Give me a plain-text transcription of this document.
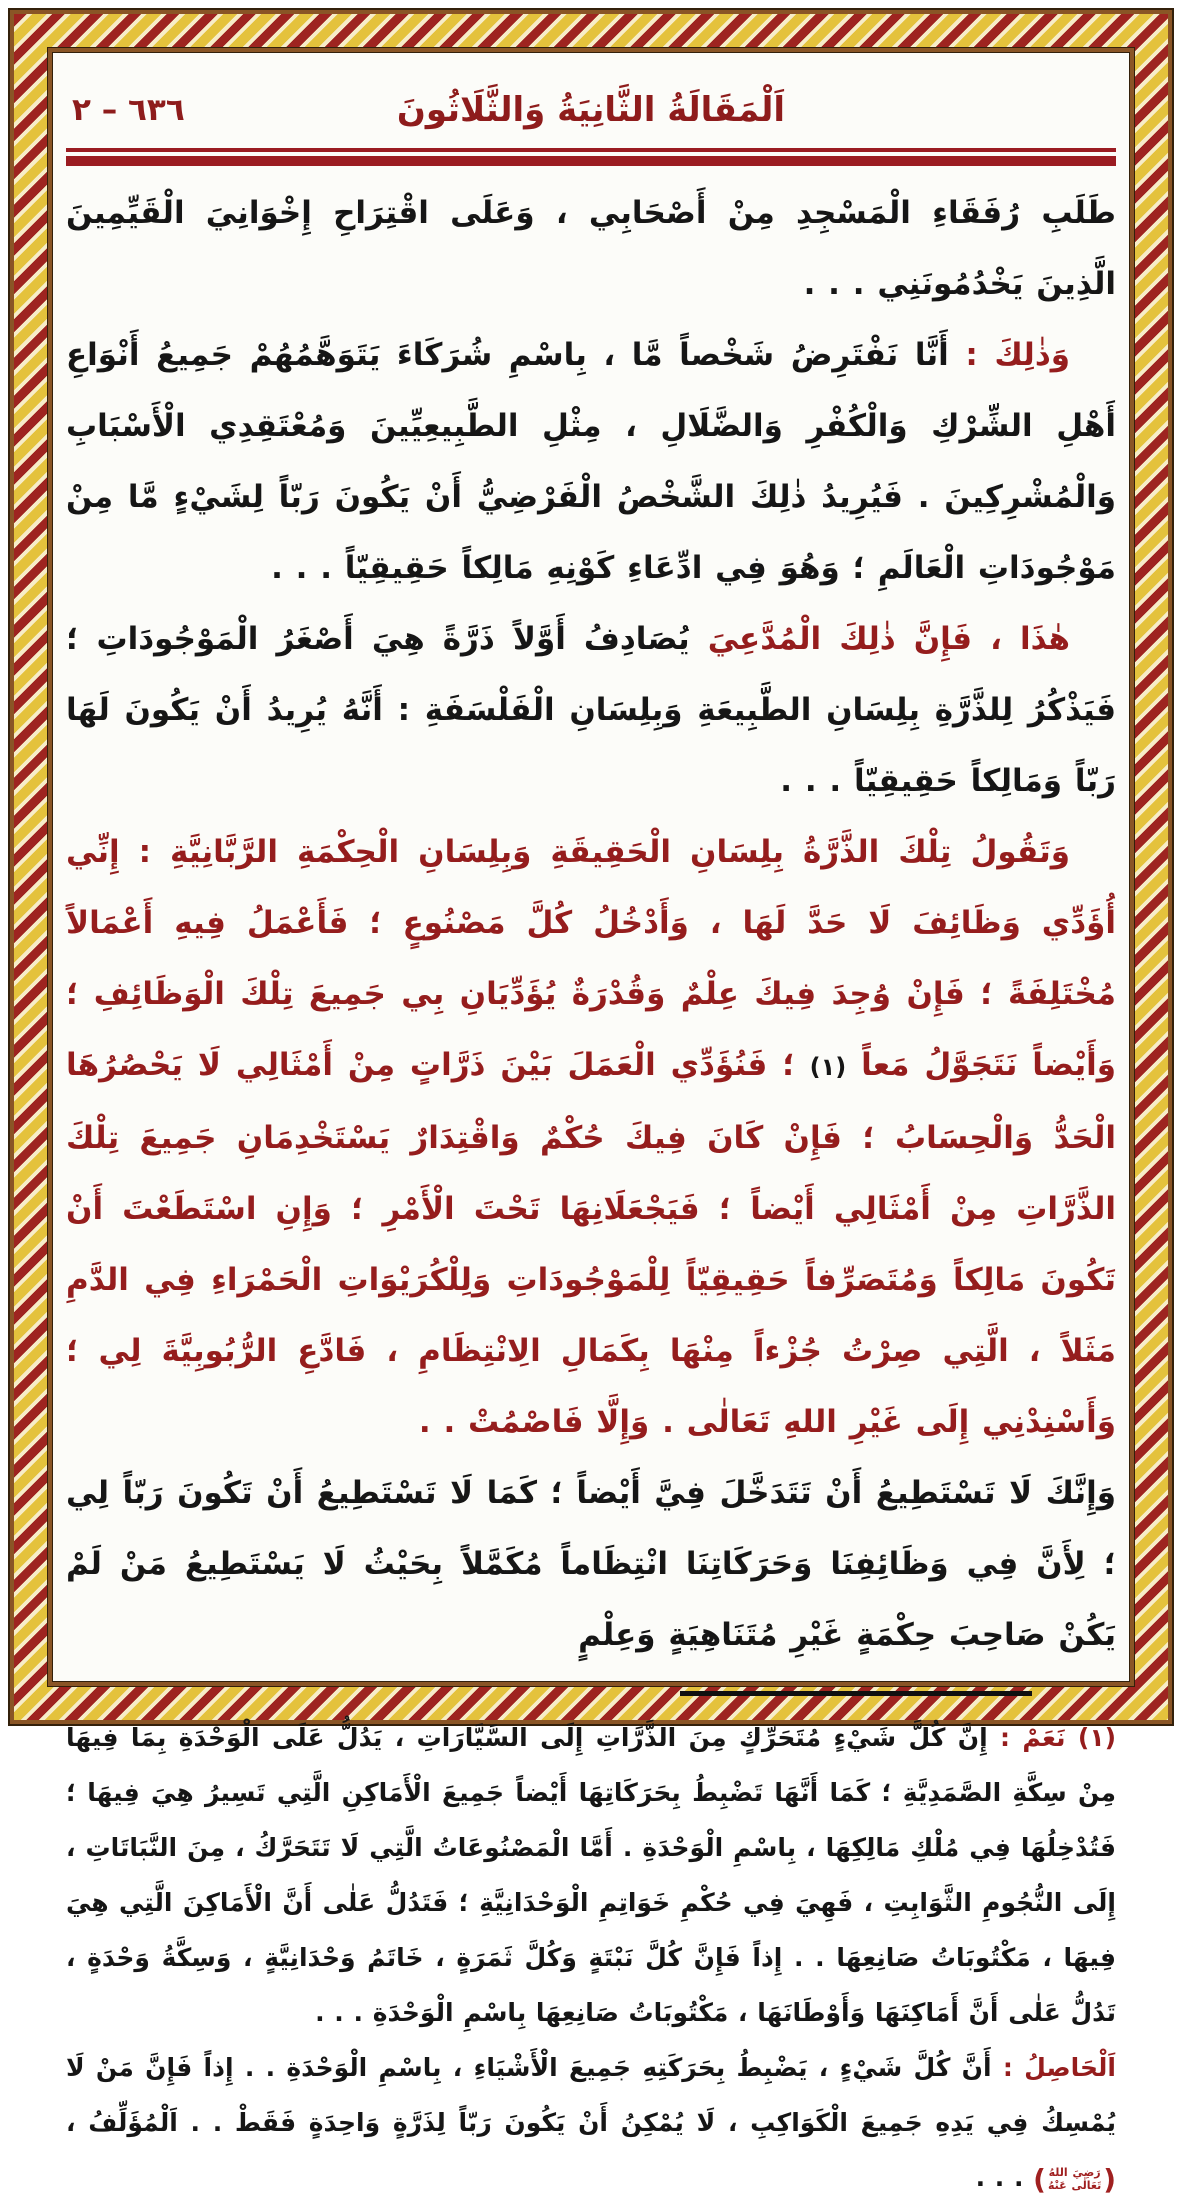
اَلْمَقَالَةُ الثَّانِيَةُ وَالثَّلَاثُونَ
٦٣٦ – ٢

طَلَبِ رُفَقَاءِ الْمَسْجِدِ مِنْ أَصْحَابِي ، وَعَلَى اقْتِرَاحِ إِخْوَانِيَ الْقَيِّمِينَ الَّذِينَ يَخْدُمُونَنِي . . .

وَذٰلِكَ : أَنَّا نَفْتَرِضُ شَخْصاً مَّا ، بِاسْمِ شُرَكَاءَ يَتَوَهَّمُهُمْ جَمِيعُ أَنْوَاعِ أَهْلِ الشِّرْكِ وَالْكُفْرِ وَالضَّلَالِ ، مِثْلِ الطَّبِيعِيِّينَ وَمُعْتَقِدِي الْأَسْبَابِ وَالْمُشْرِكِينَ . فَيُرِيدُ ذٰلِكَ الشَّخْصُ الْفَرْضِيُّ أَنْ يَكُونَ رَبّاً لِشَيْءٍ مَّا مِنْ مَوْجُودَاتِ الْعَالَمِ ؛ وَهُوَ فِي ادِّعَاءِ كَوْنِهِ مَالِكاً حَقِيقِيّاً . . .

هٰذَا ، فَإِنَّ ذٰلِكَ الْمُدَّعِيَ يُصَادِفُ أَوَّلاً ذَرَّةً هِيَ أَصْغَرُ الْمَوْجُودَاتِ ؛ فَيَذْكُرُ لِلذَّرَّةِ بِلِسَانِ الطَّبِيعَةِ وَبِلِسَانِ الْفَلْسَفَةِ : أَنَّهُ يُرِيدُ أَنْ يَكُونَ لَهَا رَبّاً وَمَالِكاً حَقِيقِيّاً . . .

وَتَقُولُ تِلْكَ الذَّرَّةُ بِلِسَانِ الْحَقِيقَةِ وَبِلِسَانِ الْحِكْمَةِ الرَّبَّانِيَّةِ : إِنِّي أُؤَدِّي وَظَائِفَ لَا حَدَّ لَهَا ، وَأَدْخُلُ كُلَّ مَصْنُوعٍ ؛ فَأَعْمَلُ فِيهِ أَعْمَالاً مُخْتَلِفَةً ؛ فَإِنْ وُجِدَ فِيكَ عِلْمٌ وَقُدْرَةٌ يُؤَدِّيَانِ بِي جَمِيعَ تِلْكَ الْوَظَائِفِ ؛ وَأَيْضاً نَتَجَوَّلُ مَعاً (١) ؛ فَنُؤَدِّي الْعَمَلَ بَيْنَ ذَرَّاتٍ مِنْ أَمْثَالِي لَا يَحْصُرُهَا الْحَدُّ وَالْحِسَابُ ؛ فَإِنْ كَانَ فِيكَ حُكْمٌ وَاقْتِدَارٌ يَسْتَخْدِمَانِ جَمِيعَ تِلْكَ الذَّرَّاتِ مِنْ أَمْثَالِي أَيْضاً ؛ فَيَجْعَلَانِهَا تَحْتَ الْأَمْرِ ؛ وَإِنِ اسْتَطَعْتَ أَنْ تَكُونَ مَالِكاً وَمُتَصَرِّفاً حَقِيقِيّاً لِلْمَوْجُودَاتِ وَلِلْكُرَيْوَاتِ الْحَمْرَاءِ فِي الدَّمِ مَثَلاً ، الَّتِي صِرْتُ جُزْءاً مِنْهَا بِكَمَالِ الِانْتِظَامِ ، فَادَّعِ الرُّبُوبِيَّةَ لِي ؛ وَأَسْنِدْنِي إِلَى غَيْرِ اللهِ تَعَالٰى . وَإِلَّا فَاصْمُتْ . .

وَإِنَّكَ لَا تَسْتَطِيعُ أَنْ تَتَدَخَّلَ فِيَّ أَيْضاً ؛ كَمَا لَا تَسْتَطِيعُ أَنْ تَكُونَ رَبّاً لِي ؛ لِأَنَّ فِي وَظَائِفِنَا وَحَرَكَاتِنَا انْتِظَاماً مُكَمَّلاً بِحَيْثُ لَا يَسْتَطِيعُ مَنْ لَمْ يَكُنْ صَاحِبَ حِكْمَةٍ غَيْرِ مُتَنَاهِيَةٍ وَعِلْمٍ

(١) نَعَمْ : إِنَّ كُلَّ شَيْءٍ مُتَحَرِّكٍ مِنَ الذَّرَّاتِ إِلَى السَّيَّارَاتِ ، يَدُلُّ عَلَى الْوَحْدَةِ بِمَا فِيهَا مِنْ سِكَّةِ الصَّمَدِيَّةِ ؛ كَمَا أَنَّهَا تَضْبِطُ بِحَرَكَاتِهَا أَيْضاً جَمِيعَ الْأَمَاكِنِ الَّتِي تَسِيرُ هِيَ فِيهَا ؛ فَتُدْخِلُهَا فِي مُلْكِ مَالِكِهَا ، بِاسْمِ الْوَحْدَةِ . أَمَّا الْمَصْنُوعَاتُ الَّتِي لَا تَتَحَرَّكُ ، مِنَ النَّبَاتَاتِ ، إِلَى النُّجُومِ الثَّوَابِتِ ، فَهِيَ فِي حُكْمِ خَوَاتِمِ الْوَحْدَانِيَّةِ ؛ فَتَدُلُّ عَلٰى أَنَّ الْأَمَاكِنَ الَّتِي هِيَ فِيهَا ، مَكْتُوبَاتُ صَانِعِهَا . . إِذاً فَإِنَّ كُلَّ نَبْتَةٍ وَكُلَّ ثَمَرَةٍ ، خَاتَمُ وَحْدَانِيَّةٍ ، وَسِكَّةُ وَحْدَةٍ ، تَدُلُّ عَلٰى أَنَّ أَمَاكِنَهَا وَأَوْطَانَهَا ، مَكْتُوبَاتُ صَانِعِهَا بِاسْمِ الْوَحْدَةِ . . .

اَلْحَاصِلُ : أَنَّ كُلَّ شَيْءٍ ، يَضْبِطُ بِحَرَكَتِهِ جَمِيعَ الْأَشْيَاءِ ، بِاسْمِ الْوَحْدَةِ . . إِذاً فَإِنَّ مَنْ لَا يُمْسِكُ فِي يَدِهِ جَمِيعَ الْكَوَاكِبِ ، لَا يُمْكِنُ أَنْ يَكُونَ رَبّاً لِذَرَّةٍ وَاحِدَةٍ فَقَطْ . . اَلْمُؤَلِّفُ ،
(
رَضِيَ اللهُ
تَعَالٰى عَنْهُ
)
. . .
